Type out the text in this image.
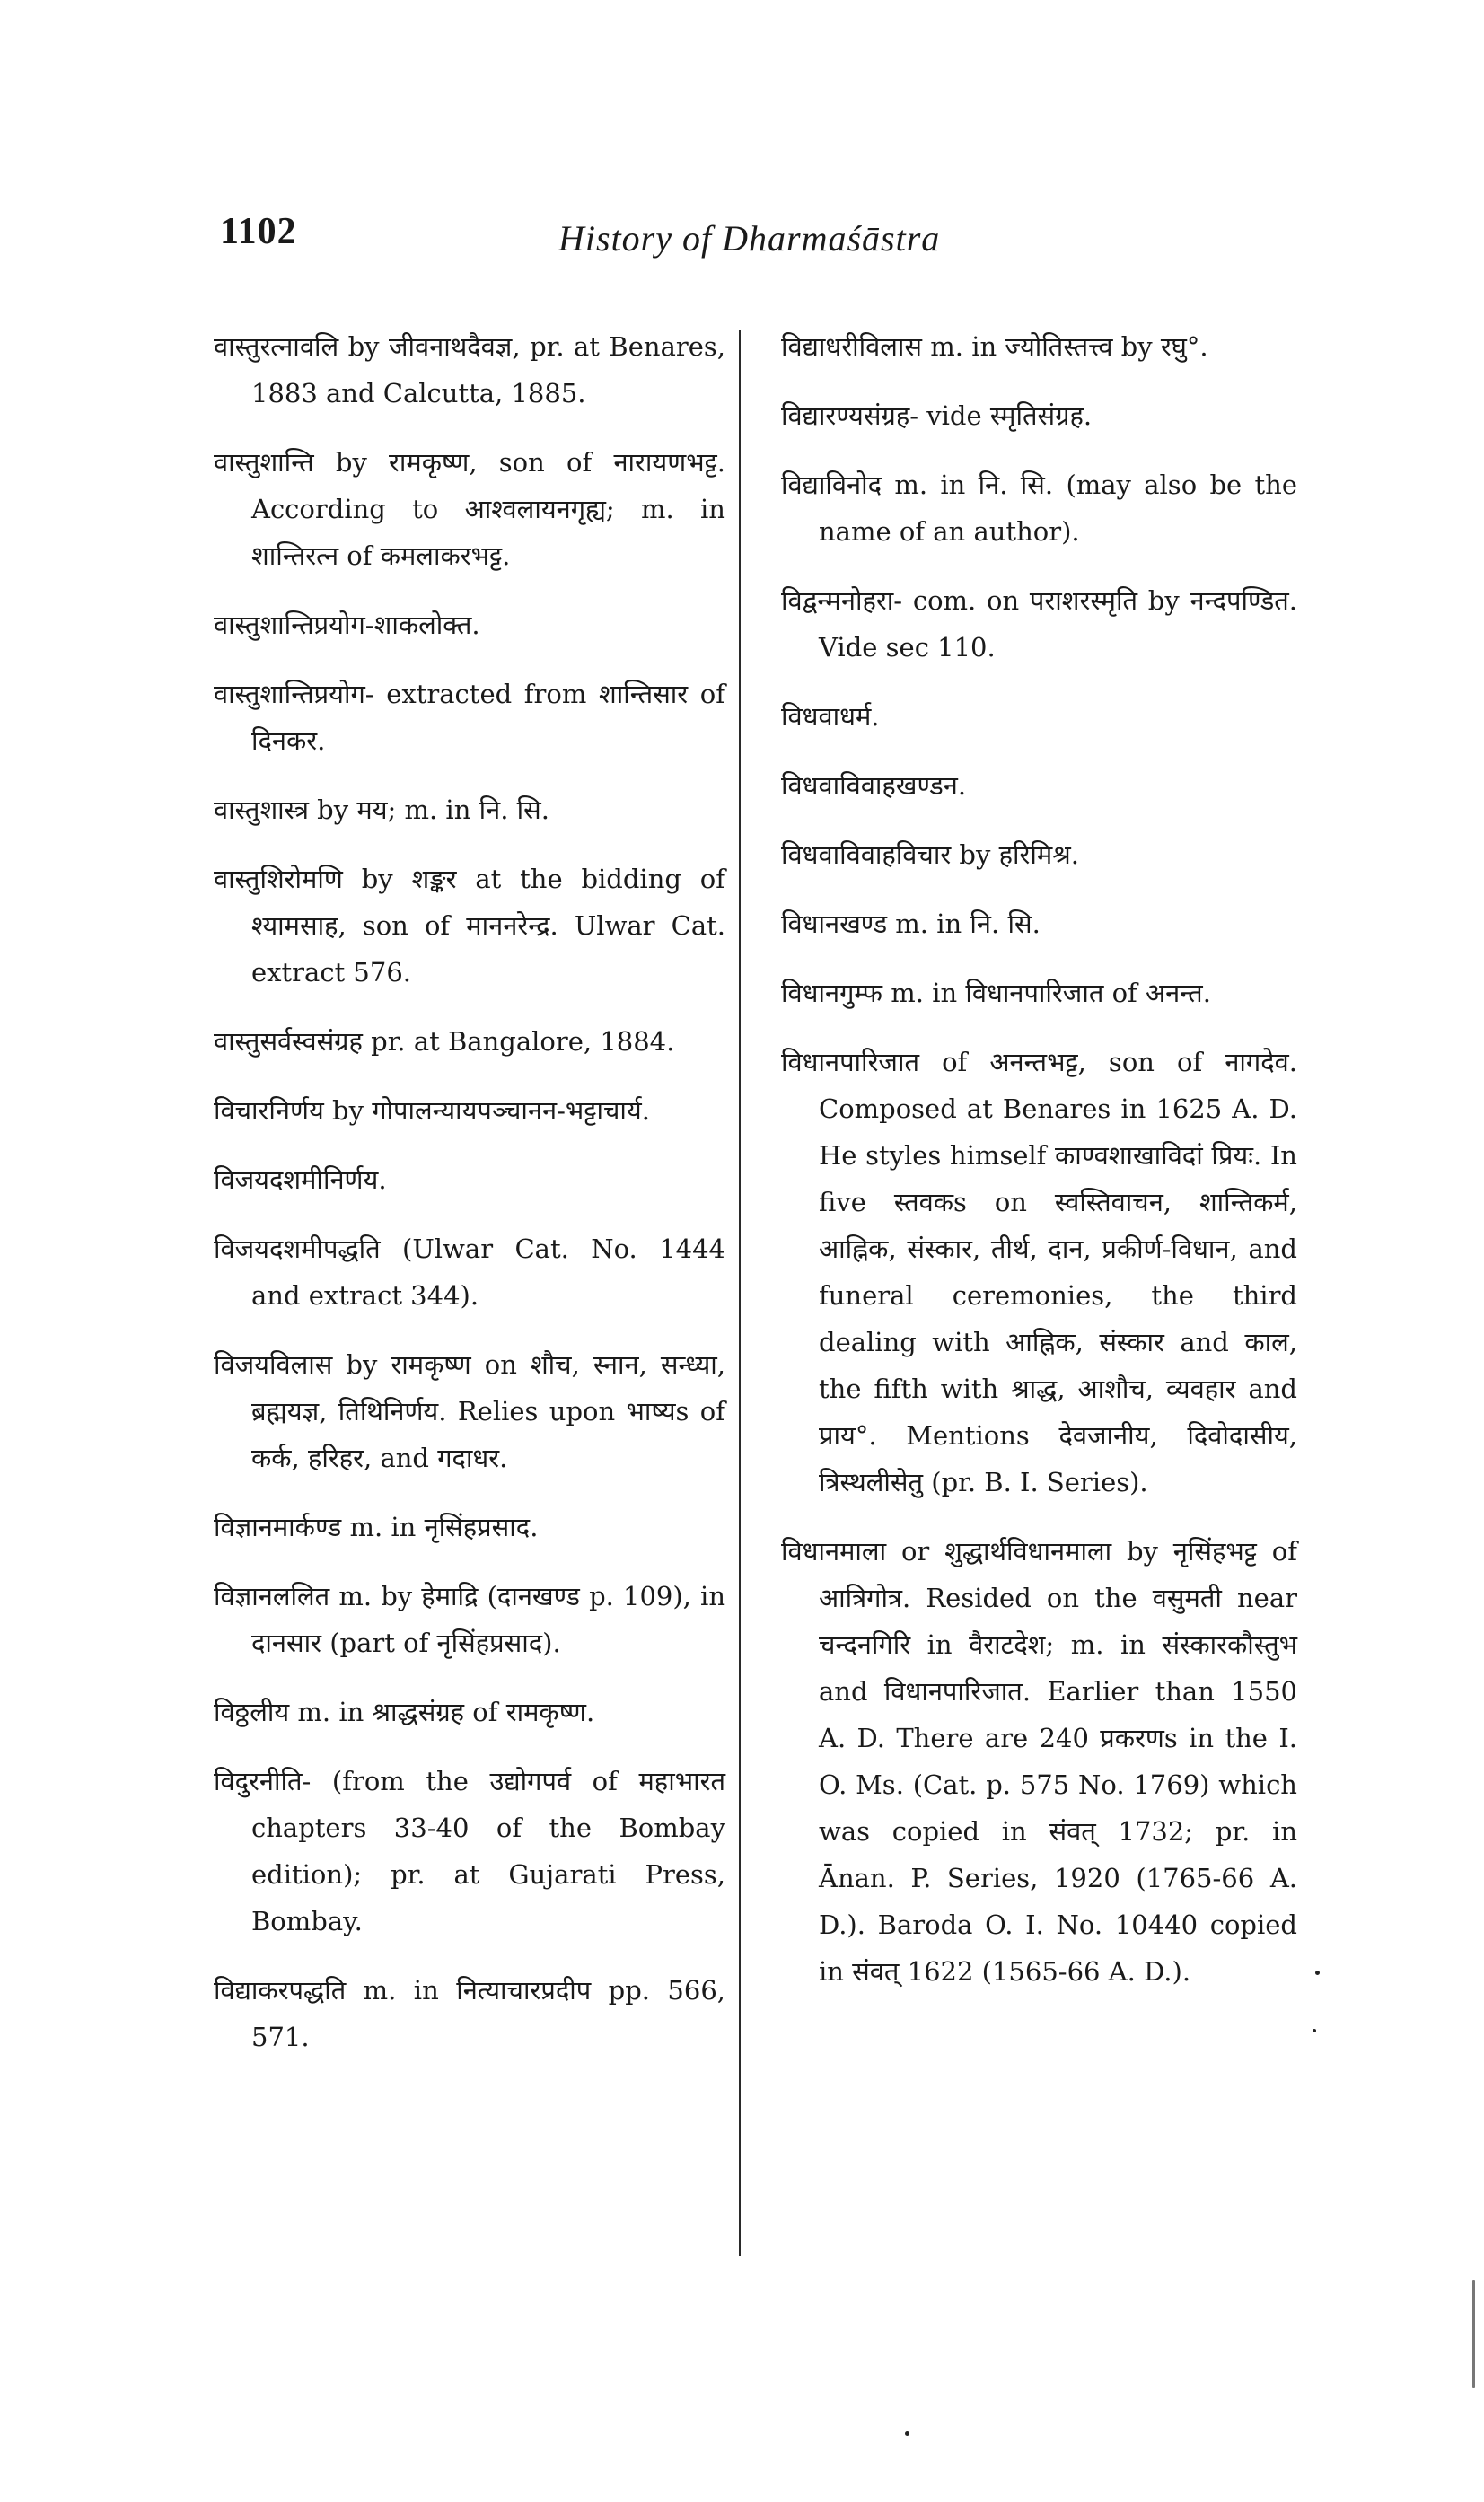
1102	History of Dharmaśāstra

वास्तुरत्नावलि by जीवनाथदैवज्ञ, pr. at Benares, 1883 and Calcutta, 1885.

वास्तुशान्ति by रामकृष्ण, son of नारायणभट्ट. According to आश्वलायनगृह्य; m. in शान्तिरत्न of कमलाकरभट्ट.

वास्तुशान्तिप्रयोग-शाकलोक्त.

वास्तुशान्तिप्रयोग- extracted from शान्तिसार of दिनकर.

वास्तुशास्त्र by मय; m. in नि. सि.

वास्तुशिरोमणि by शङ्कर at the bidding of श्यामसाह, son of माननरेन्द्र. Ulwar Cat. extract 576.

वास्तुसर्वस्वसंग्रह pr. at Bangalore, 1884.

विचारनिर्णय by गोपालन्यायपञ्चानन-भट्टाचार्य.

विजयदशमीनिर्णय.

विजयदशमीपद्धति (Ulwar Cat. No. 1444 and extract 344).

विजयविलास by रामकृष्ण on शौच, स्नान, सन्ध्या, ब्रह्मयज्ञ, तिथिनिर्णय. Relies upon भाष्यs of कर्क, हरिहर, and गदाधर.

विज्ञानमार्कण्ड m. in नृसिंहप्रसाद.

विज्ञानललित m. by हेमाद्रि (दानखण्ड p. 109), in दानसार (part of नृसिंहप्रसाद).

विठ्ठलीय m. in श्राद्धसंग्रह of रामकृष्ण.

विदुरनीति- (from the उद्योगपर्व of महाभारत chapters 33-40 of the Bombay edition); pr. at Gujarati Press, Bombay.

विद्याकरपद्धति m. in नित्याचारप्रदीप pp. 566, 571.

विद्याधरीविलास m. in ज्योतिस्तत्त्व by रघु°.

विद्यारण्यसंग्रह- vide स्मृतिसंग्रह.

विद्याविनोद m. in नि. सि. (may also be the name of an author).

विद्वन्मनोहरा- com. on पराशरस्मृति by नन्दपण्डित. Vide sec 110.

विधवाधर्म.

विधवाविवाहखण्डन.

विधवाविवाहविचार by हरिमिश्र.

विधानखण्ड m. in नि. सि.

विधानगुम्फ m. in विधानपारिजात of अनन्त.

विधानपारिजात of अनन्तभट्ट, son of नागदेव. Composed at Benares in 1625 A. D. He styles himself काण्वशाखाविदां प्रियः. In five स्तवकs on स्वस्तिवाचन, शान्तिकर्म, आह्निक, संस्कार, तीर्थ, दान, प्रकीर्ण-विधान, and funeral ceremonies, the third dealing with आह्निक, संस्कार and काल, the fifth with श्राद्ध, आशौच, व्यवहार and प्राय°. Mentions देवजानीय, दिवोदासीय, त्रिस्थलीसेतु (pr. B. I. Series).

विधानमाला or शुद्धार्थविधानमाला by नृसिंहभट्ट of आत्रिगोत्र. Resided on the वसुमती near चन्दनगिरि in वैराटदेश; m. in संस्कारकौस्तुभ and विधानपारिजात. Earlier than 1550 A. D. There are 240 प्रकरणs in the I. O. Ms. (Cat. p. 575 No. 1769) which was copied in संवत् 1732; pr. in Ānan. P. Series, 1920 (1765-66 A. D.). Baroda O. I. No. 10440 copied in संवत् 1622 (1565-66 A. D.).
